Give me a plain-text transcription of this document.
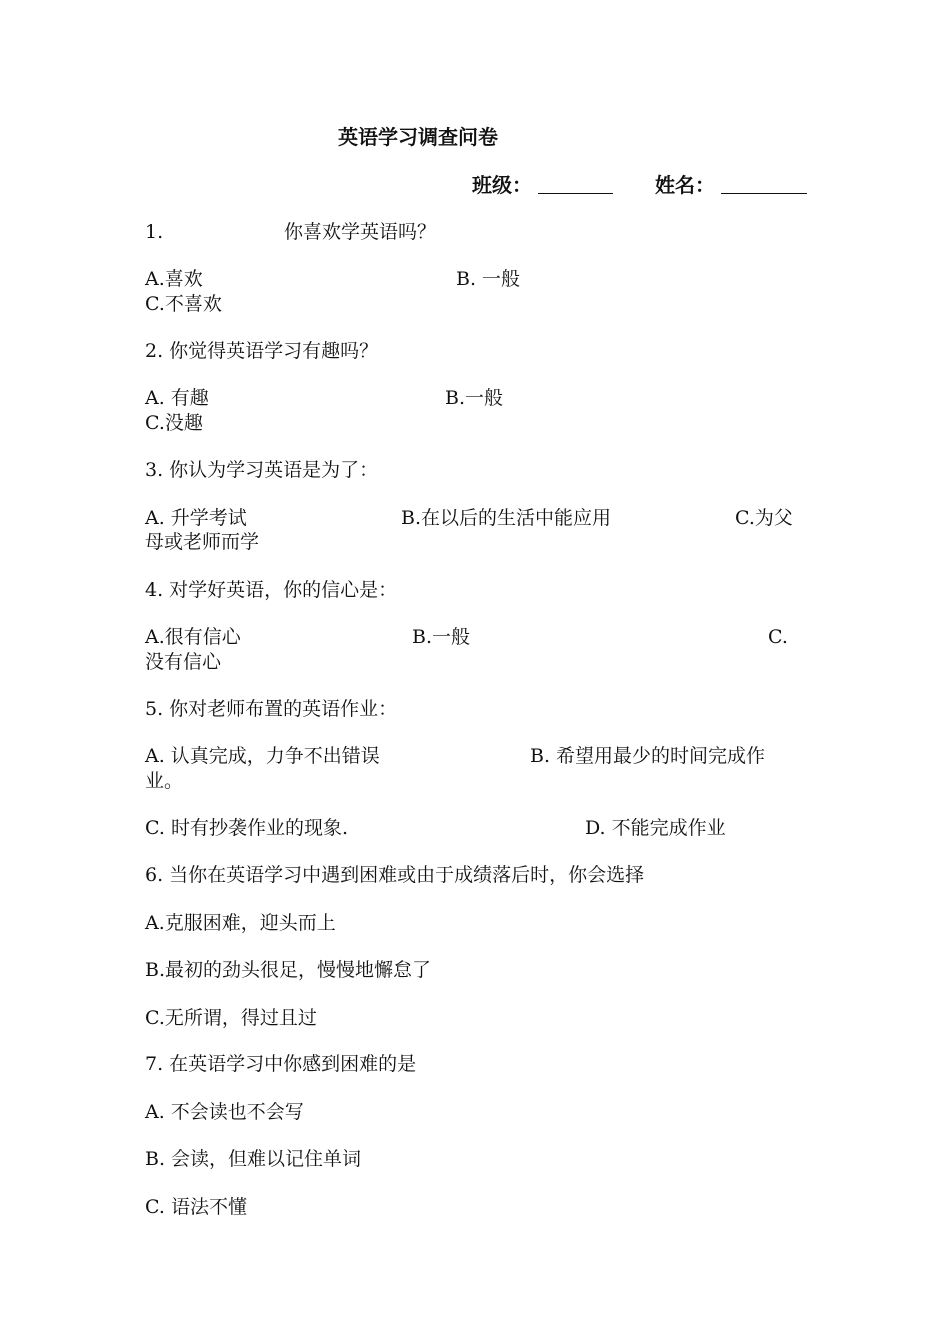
英语学习调查问卷
班级：	姓名：
1.	你喜欢学英语吗？
A.喜欢	B. 一般
C.不喜欢
2. 你觉得英语学习有趣吗？
A. 有趣	B.一般
C.没趣
3. 你认为学习英语是为了：
A. 升学考试	B.在以后的生活中能应用	C.为父
母或老师而学
4. 对学好英语，你的信心是：
A.很有信心	B.一般	C.
没有信心
5. 你对老师布置的英语作业：
A. 认真完成，力争不出错误	B. 希望用最少的时间完成作
业。
C. 时有抄袭作业的现象.	D. 不能完成作业
6. 当你在英语学习中遇到困难或由于成绩落后时，你会选择
A.克服困难，迎头而上
B.最初的劲头很足，慢慢地懈怠了
C.无所谓，得过且过
7. 在英语学习中你感到困难的是
A. 不会读也不会写
B. 会读，但难以记住单词
C. 语法不懂
